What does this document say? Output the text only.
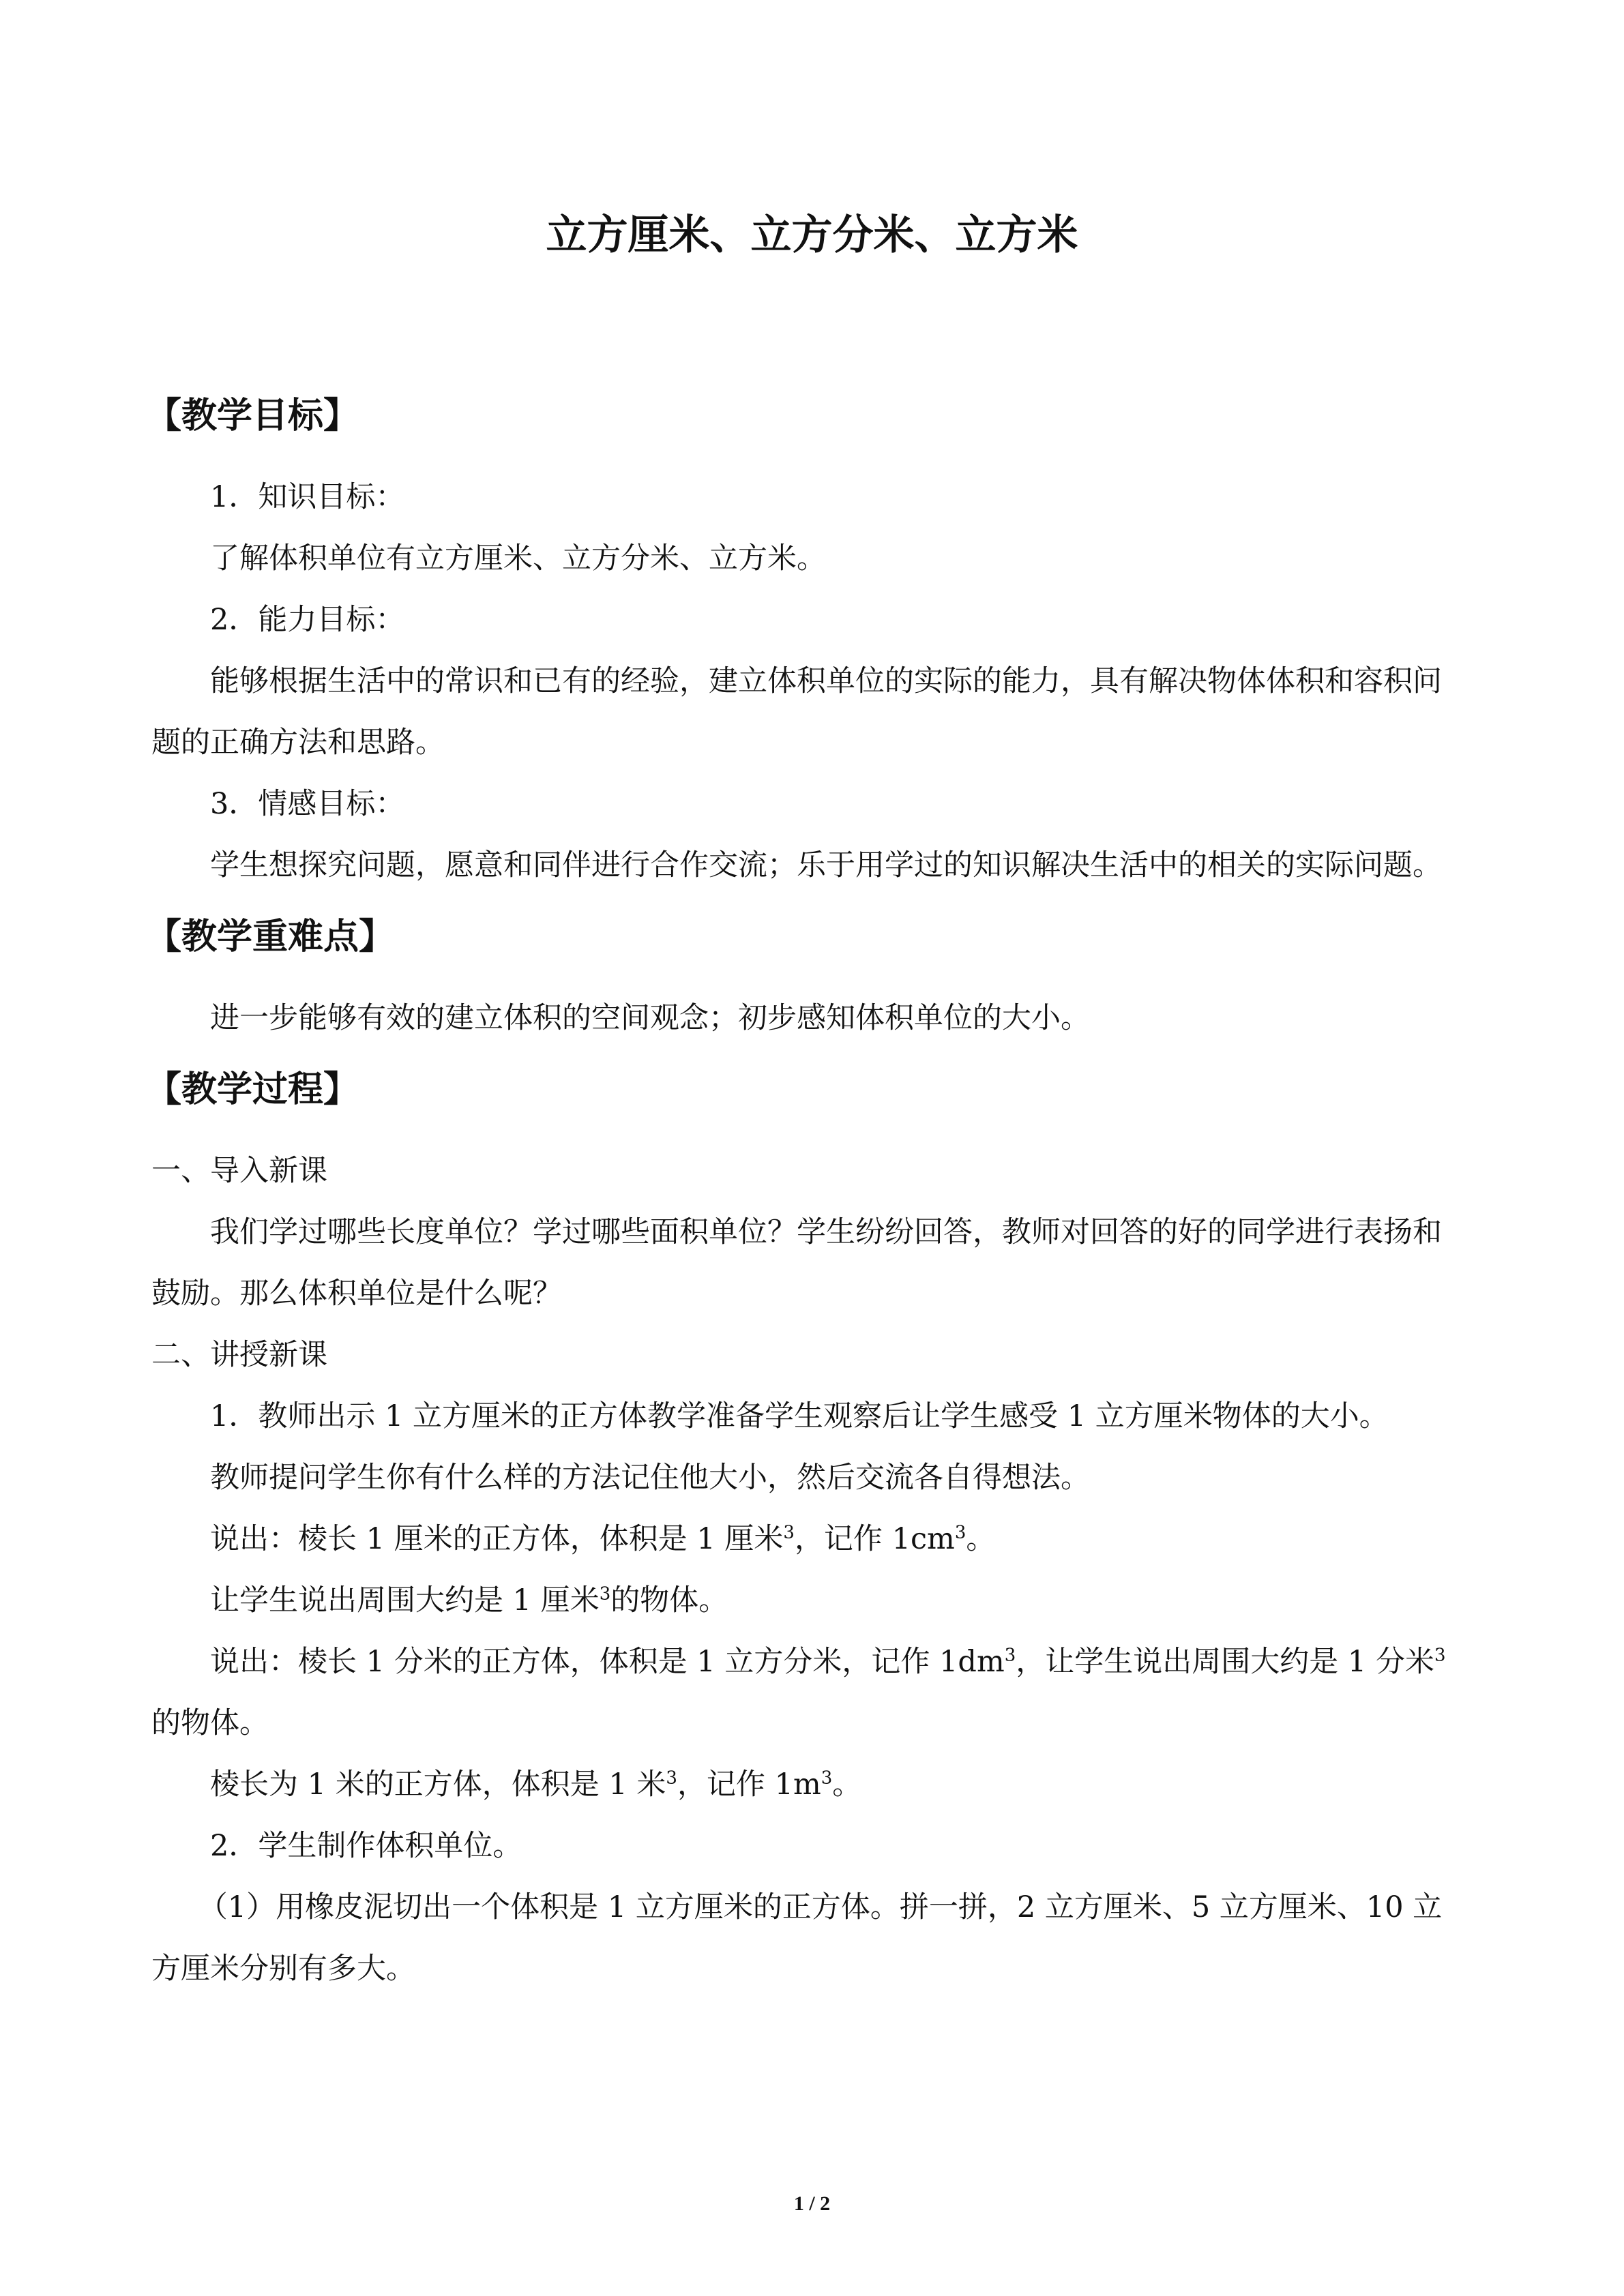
立方厘米、立方分米、立方米
【教学目标】

1．知识目标：

了解体积单位有立方厘米、立方分米、立方米。

2．能力目标：

能够根据生活中的常识和已有的经验，建立体积单位的实际的能力，具有解决物体体积和容积问题的正确方法和思路。

3．情感目标：

学生想探究问题，愿意和同伴进行合作交流；乐于用学过的知识解决生活中的相关的实际问题。

【教学重难点】

进一步能够有效的建立体积的空间观念；初步感知体积单位的大小。

【教学过程】

一、导入新课

我们学过哪些长度单位？学过哪些面积单位？学生纷纷回答，教师对回答的好的同学进行表扬和鼓励。那么体积单位是什么呢？

二、讲授新课

1．教师出示 1 立方厘米的正方体教学准备学生观察后让学生感受 1 立方厘米物体的大小。

教师提问学生你有什么样的方法记住他大小，然后交流各自得想法。

说出：棱长 1 厘米的正方体，体积是 1 厘米$^3$，记作 $1cm^3$。

让学生说出周围大约是 1 厘米$^3$的物体。

说出：棱长 1 分米的正方体，体积是 1 立方分米，记作 $1dm^3$，让学生说出周围大约是 1 分米$^3$的物体。

棱长为 1 米的正方体，体积是 1 米$^3$，记作 $1m^3$。

2．学生制作体积单位。

（1）用橡皮泥切出一个体积是 1 立方厘米的正方体。拼一拼，2 立方厘米、5 立方厘米、10 立方厘米分别有多大。

1 / 2
